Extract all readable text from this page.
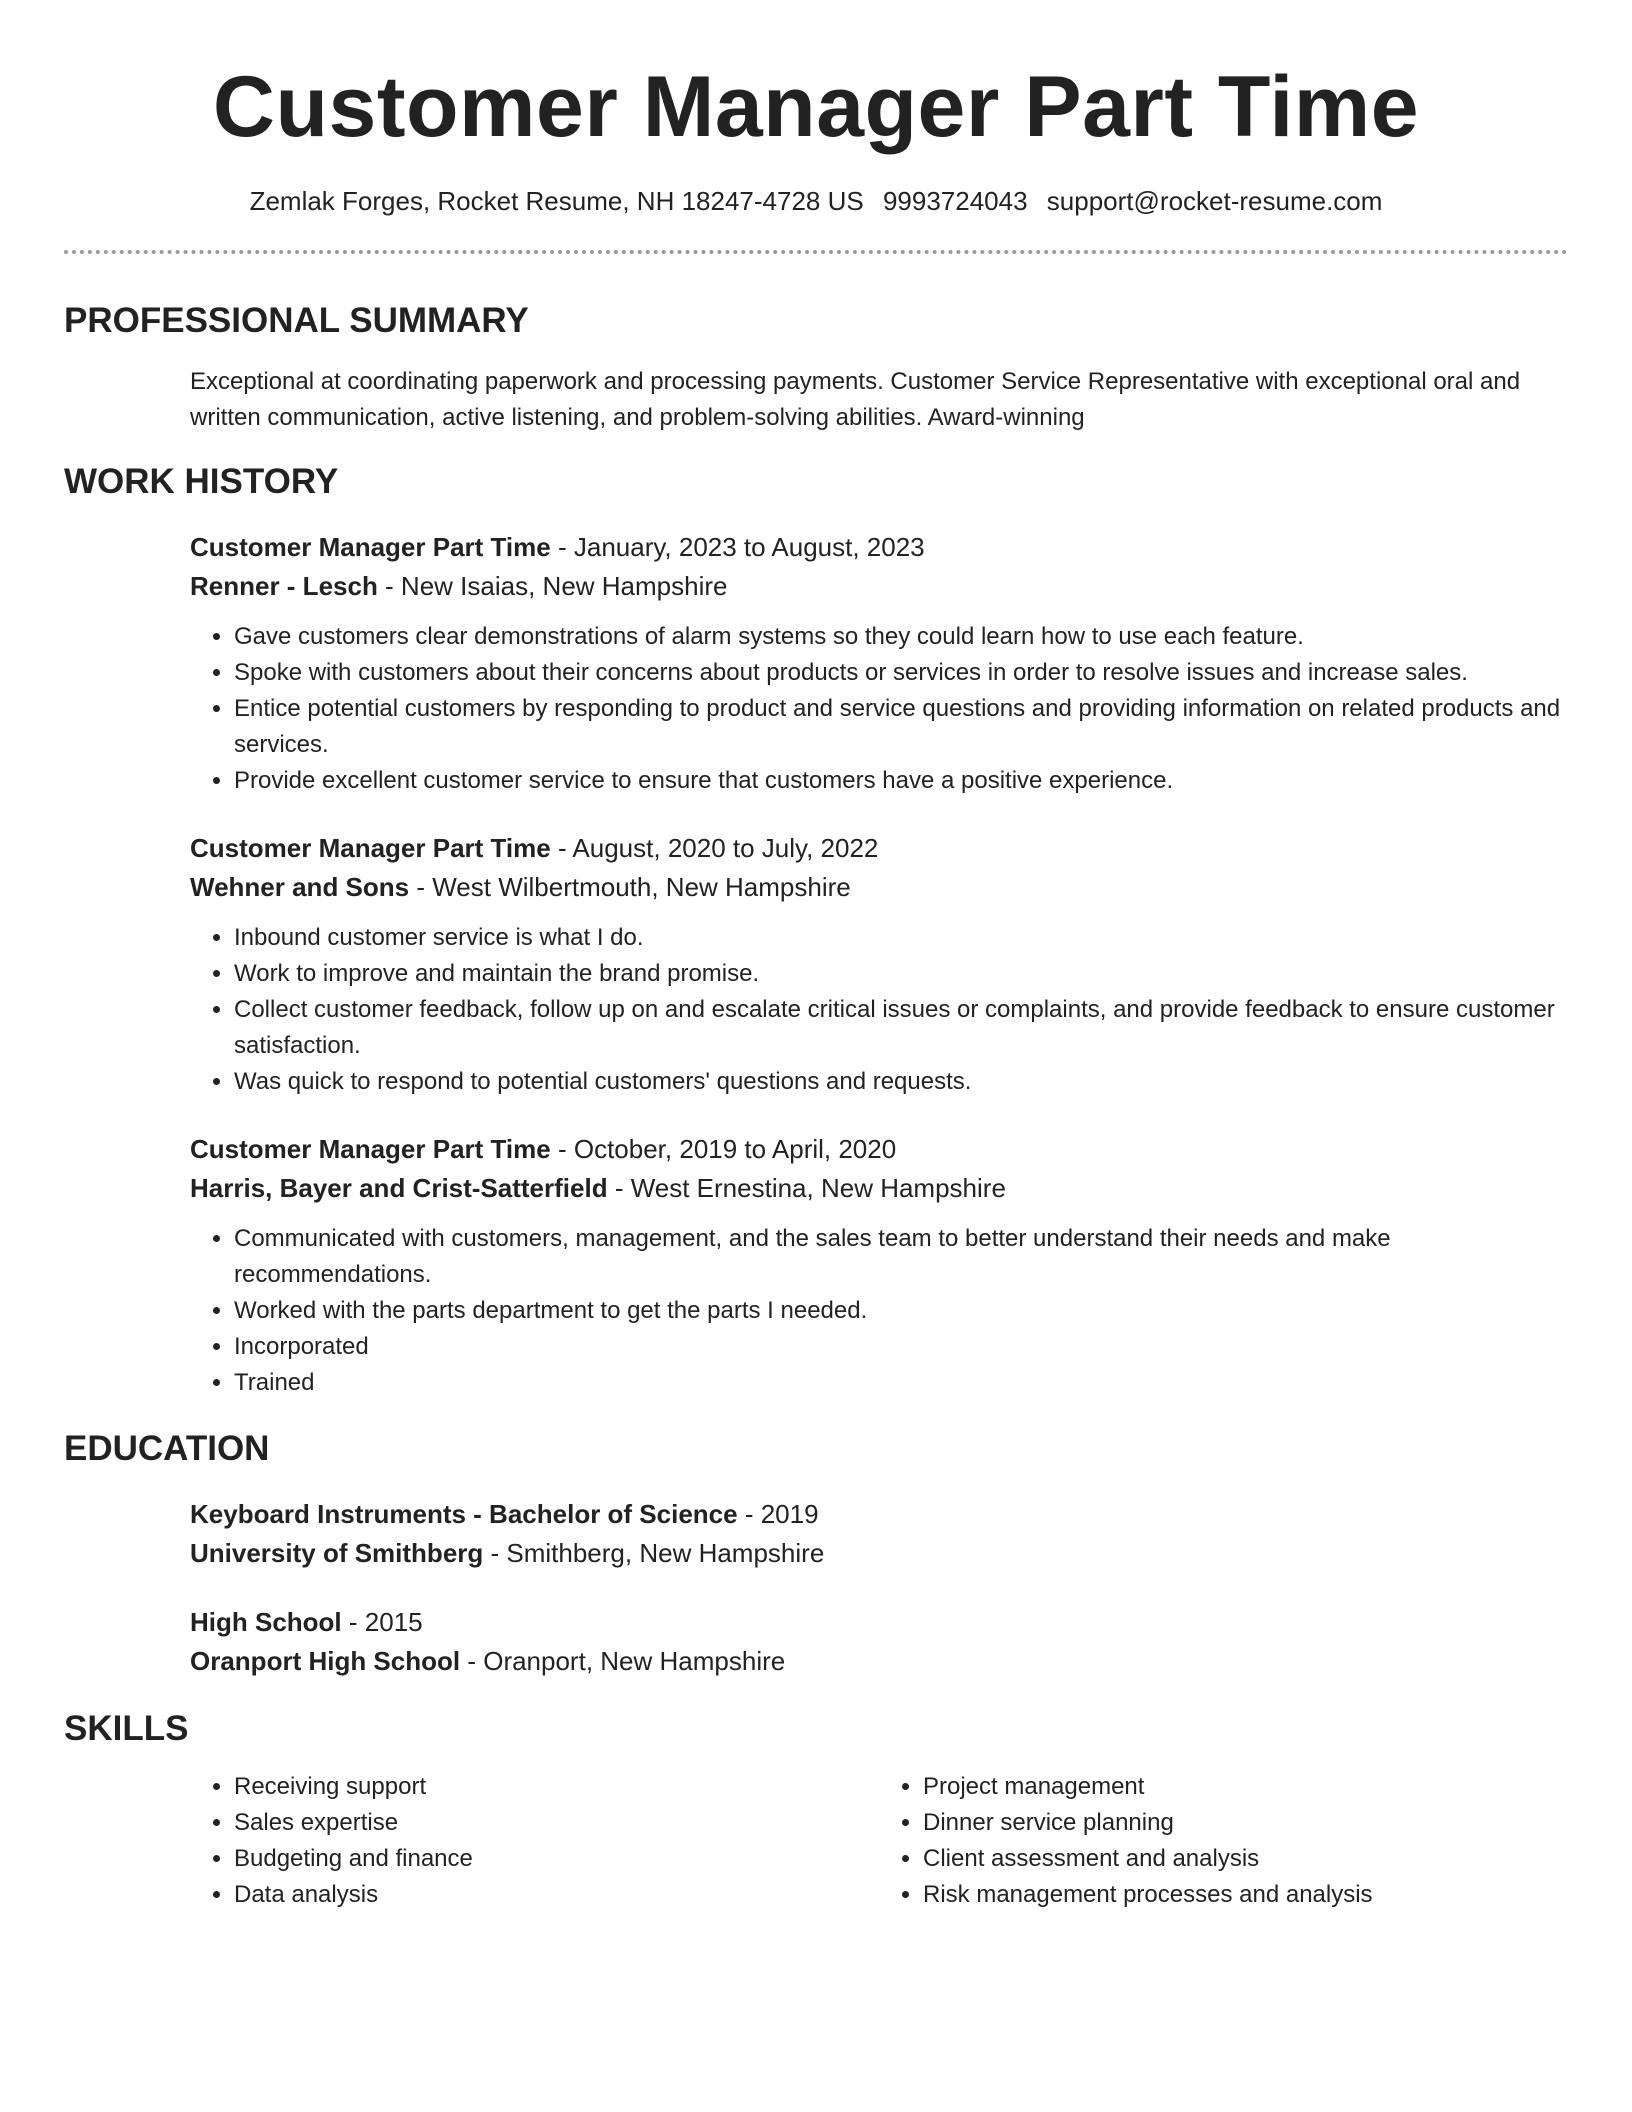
Customer Manager Part Time
Zemlak Forges, Rocket Resume, NH 18247-4728 US 9993724043 support@rocket-resume.com
PROFESSIONAL SUMMARY
Exceptional at coordinating paperwork and processing payments. Customer Service Representative with exceptional oral and written communication, active listening, and problem-solving abilities. Award-winning
WORK HISTORY
Customer Manager Part Time - January, 2023 to August, 2023
Renner - Lesch - New Isaias, New Hampshire
• Gave customers clear demonstrations of alarm systems so they could learn how to use each feature.
• Spoke with customers about their concerns about products or services in order to resolve issues and increase sales.
• Entice potential customers by responding to product and service questions and providing information on related products and services.
• Provide excellent customer service to ensure that customers have a positive experience.
Customer Manager Part Time - August, 2020 to July, 2022
Wehner and Sons - West Wilbertmouth, New Hampshire
• Inbound customer service is what I do.
• Work to improve and maintain the brand promise.
• Collect customer feedback, follow up on and escalate critical issues or complaints, and provide feedback to ensure customer satisfaction.
• Was quick to respond to potential customers' questions and requests.
Customer Manager Part Time - October, 2019 to April, 2020
Harris, Bayer and Crist-Satterfield - West Ernestina, New Hampshire
• Communicated with customers, management, and the sales team to better understand their needs and make recommendations.
• Worked with the parts department to get the parts I needed.
• Incorporated
• Trained
EDUCATION
Keyboard Instruments - Bachelor of Science - 2019
University of Smithberg - Smithberg, New Hampshire
High School - 2015
Oranport High School - Oranport, New Hampshire
SKILLS
• Receiving support
• Sales expertise
• Budgeting and finance
• Data analysis
• Project management
• Dinner service planning
• Client assessment and analysis
• Risk management processes and analysis
